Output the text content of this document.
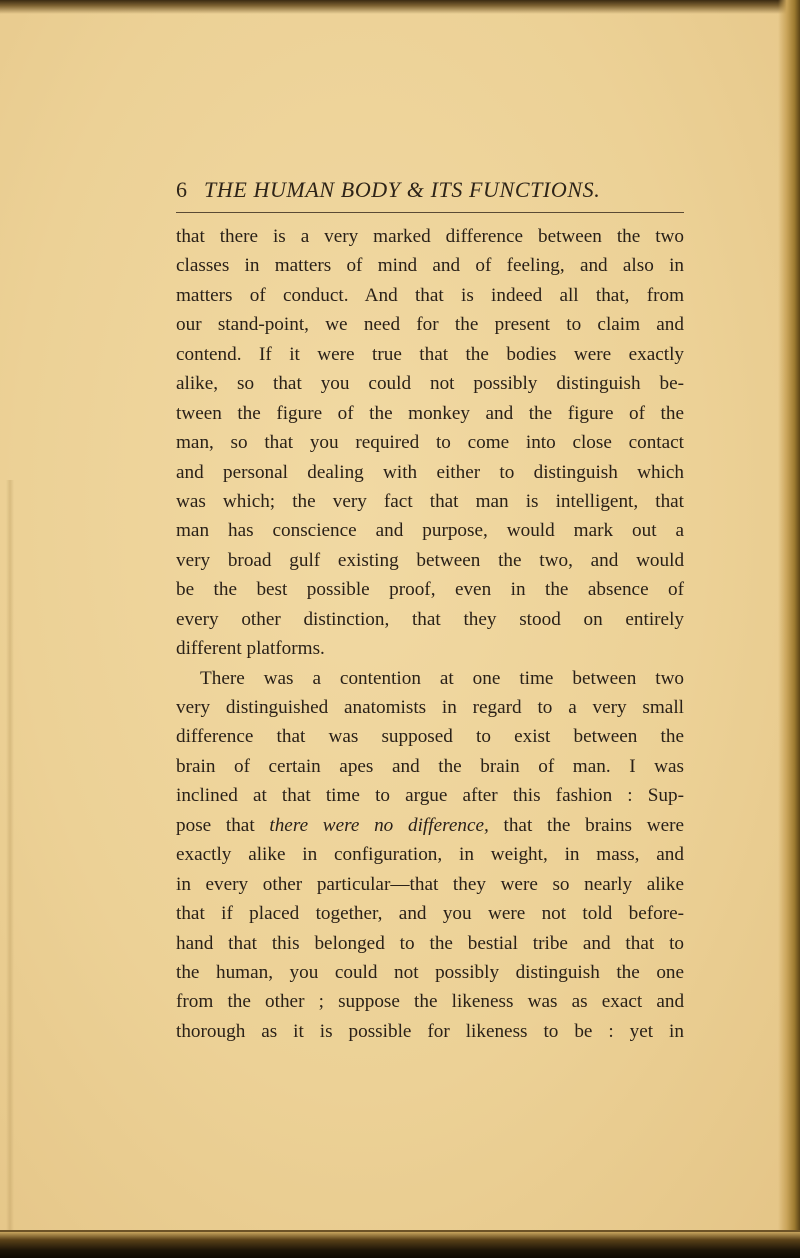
6 THE HUMAN BODY & ITS FUNCTIONS.
that there is a very marked difference between the two
classes in matters of mind and of feeling, and also in
matters of conduct. And that is indeed all that, from
our stand-point, we need for the present to claim and
contend. If it were true that the bodies were exactly
alike, so that you could not possibly distinguish be-
tween the figure of the monkey and the figure of the
man, so that you required to come into close contact
and personal dealing with either to distinguish which
was which; the very fact that man is intelligent, that
man has conscience and purpose, would mark out a
very broad gulf existing between the two, and would
be the best possible proof, even in the absence of
every other distinction, that they stood on entirely
different platforms.
There was a contention at one time between two
very distinguished anatomists in regard to a very small
difference that was supposed to exist between the
brain of certain apes and the brain of man. I was
inclined at that time to argue after this fashion : Sup-
pose that there were no difference, that the brains were
exactly alike in configuration, in weight, in mass, and
in every other particular—that they were so nearly alike
that if placed together, and you were not told before-
hand that this belonged to the bestial tribe and that to
the human, you could not possibly distinguish the one
from the other ; suppose the likeness was as exact and
thorough as it is possible for likeness to be : yet in
